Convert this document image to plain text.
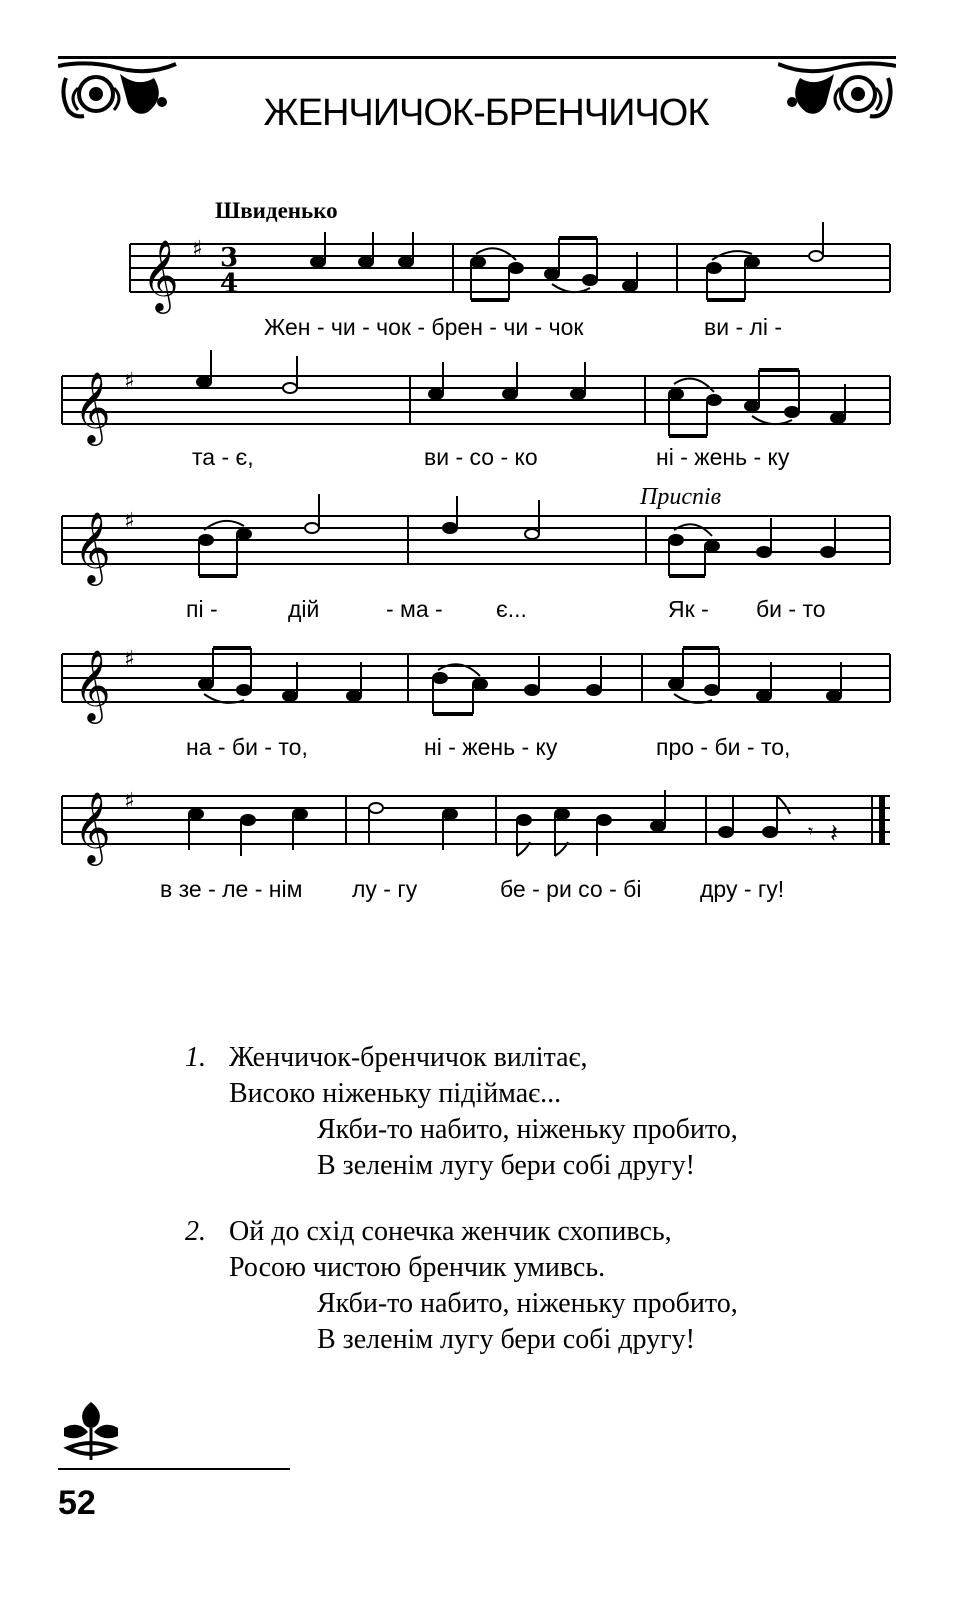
ЖЕНЧИЧОК-БРЕНЧИЧОК
Швиденько
Приспів
𝄞 ♯ 3
4
Жен - чи - чок - брен - чи - чок	ви - лі -
𝄞 ♯
та - є,	ви - со - ко	ні - жень - ку
𝄞 ♯
пі -	дій	- ма - є...	Як - би - то
𝄞 ♯
на - би - то,	ні - жень - ку	про - би - то,
𝄞 ♯
𝄾 𝄽
в зе - ле - нім лу - гу	бе - ри со - бі	дру - гу!
1. Женчичок-бренчичок вилітає,
Високо ніженьку підіймає...
Якби-то набито, ніженьку пробито,
В зеленім лугу бери собі другу!
2. Ой до схід сонечка женчик схопивсь,
Росою чистою бренчик умивсь.
Якби-то набито, ніженьку пробито,
В зеленім лугу бери собі другу!
52
